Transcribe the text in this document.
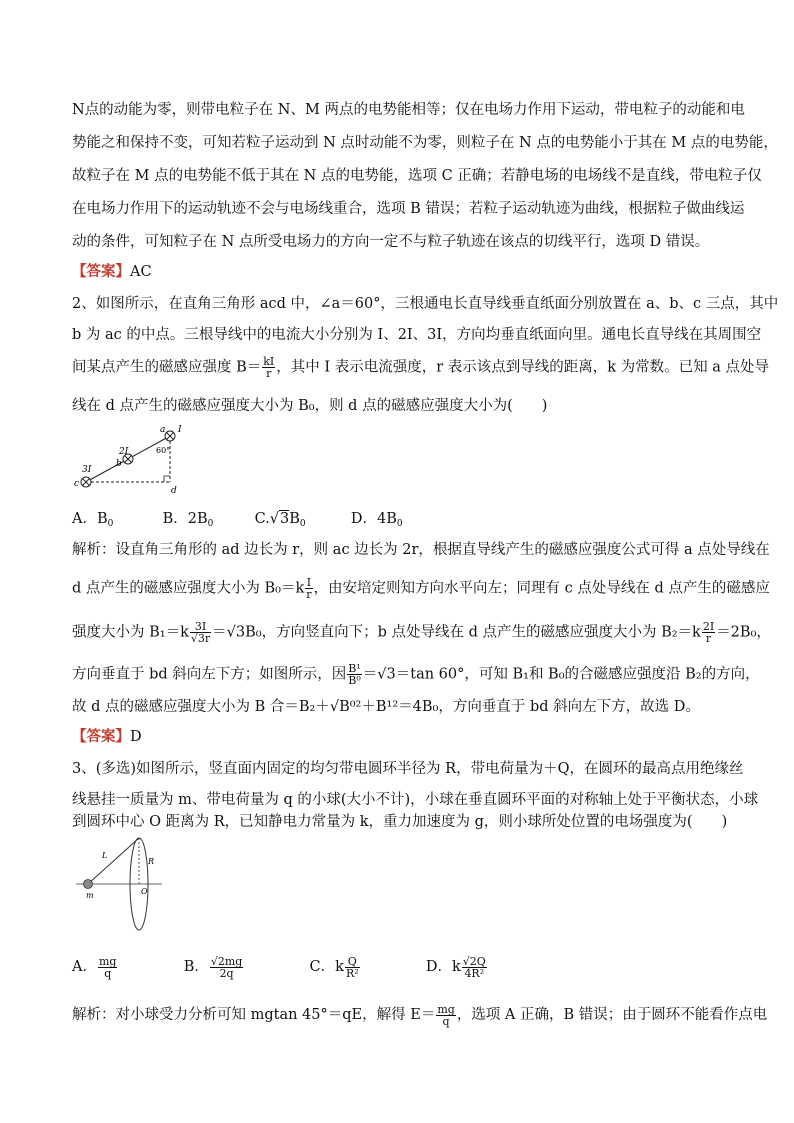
N点的动能为零，则带电粒子在 N、M 两点的电势能相等；仅在电场力作用下运动，带电粒子的动能和电
势能之和保持不变，可知若粒子运动到 N 点时动能不为零，则粒子在 N 点的电势能小于其在 M 点的电势能，
故粒子在 M 点的电势能不低于其在 N 点的电势能，选项 C 正确；若静电场的电场线不是直线，带电粒子仅
在电场力作用下的运动轨迹不会与电场线重合，选项 B 错误；若粒子运动轨迹为曲线，根据粒子做曲线运
动的条件，可知粒子在 N 点所受电场力的方向一定不与粒子轨迹在该点的切线平行，选项 D 错误。
【答案】AC
2、如图所示，在直角三角形 acd 中，∠a＝60°，三根通电长直导线垂直纸面分别放置在 a、b、c 三点，其中
b 为 ac 的中点。三根导线中的电流大小分别为 I、2I、3I，方向均垂直纸面向里。通电长直导线在其周围空
间某点产生的磁感应强度 $B= \frac{kI}{r}$ ，其中 I 表示电流强度，r 表示该点到导线的距离，k 为常数。已知 a 点处导
线在 d 点产生的磁感应强度大小为 B₀，则 d 点的磁感应强度大小为(　　)
a I
2I
b
3I
c
d
60°
A．$B_0$	B．$2B_0$	$C.√3B_0$	D．$4B_0$
解析：设直角三角形的 ad 边长为 r，则 ac 边长为 2r，根据直导线产生的磁感应强度公式可得 a 点处导线在
d 点产生的磁感应强度大小为 $B_0=k \frac{I}{r}$ ，由安培定则知方向水平向左；同理有 c 点处导线在 d 点产生的磁感应
强度大小为 $B_1=k \frac{3I}{√3r} =√3B_0$，方向竖直向下；b 点处导线在 d 点产生的磁感应强度大小为 $B_2=k \frac{2I}{r} =2B_0$，
方向垂直于 bd 斜向左下方；如图所示，因 $\frac{\text{B¹}}{\text{B⁰}} =√3=\tan$ 60°，可知 B₁和 B₀的合磁感应强度沿 B₂的方向，
故 d 点的磁感应强度大小为 B 合＝B₂＋√B⁰²＋B¹²＝4B₀，方向垂直于 bd 斜向左下方，故选 D。
【答案】D
3、(多选)如图所示，竖直面内固定的均匀带电圆环半径为 R，带电荷量为＋Q，在圆环的最高点用绝缘丝
线悬挂一质量为 m、带电荷量为 q 的小球(大小不计)，小球在垂直圆环平面的对称轴上处于平衡状态，小球
到圆环中心 O 距离为 R，已知静电力常量为 k，重力加速度为 g，则小球所处位置的电场强度为(　　)
L
R
O
m
A． $\frac{mg}{q}$	B． $\frac{√2mg}{2q}$	C．k $\frac{Q}{\text{R²}}$	D．k $\frac{√2Q}{\text{4R²}}$
解析：对小球受力分析可知 mgtan 45°＝qE，解得 $E= \frac{mg}{q}$ ，选项 A 正确，B 错误；由于圆环不能看作点电
